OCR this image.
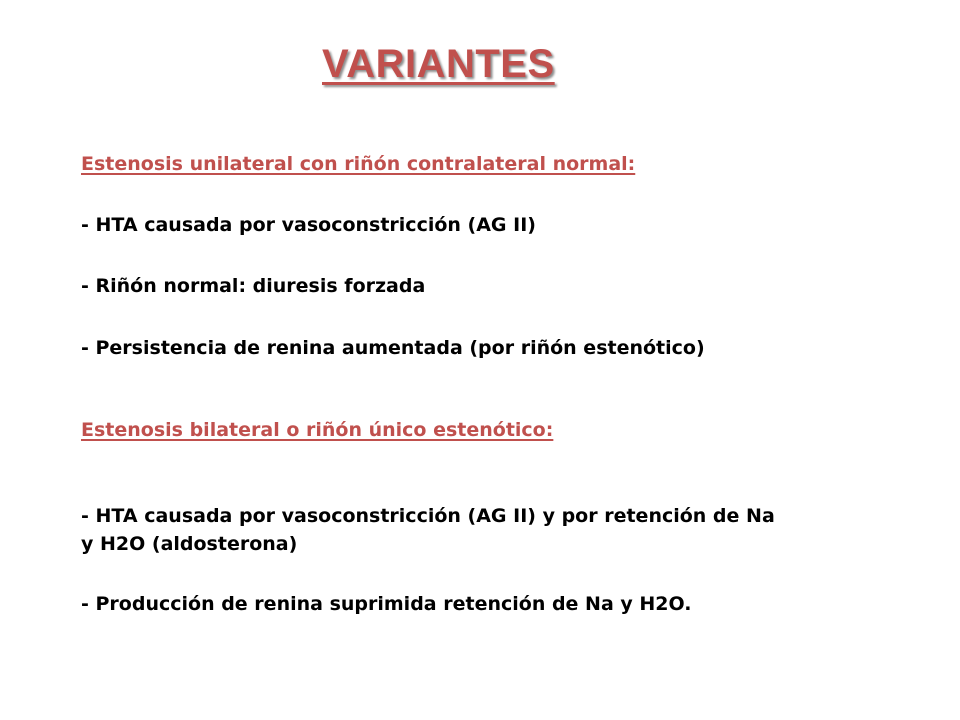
VARIANTES

Estenosis unilateral con riñón contralateral normal:

- HTA causada por vasoconstricción (AG II)

- Riñón normal: diuresis forzada

- Persistencia de renina aumentada (por riñón estenótico)

Estenosis bilateral o riñón único estenótico:

- HTA causada por vasoconstricción (AG II) y por retención de Na y H2O (aldosterona)

- Producción de renina suprimida retención de Na y H2O.
